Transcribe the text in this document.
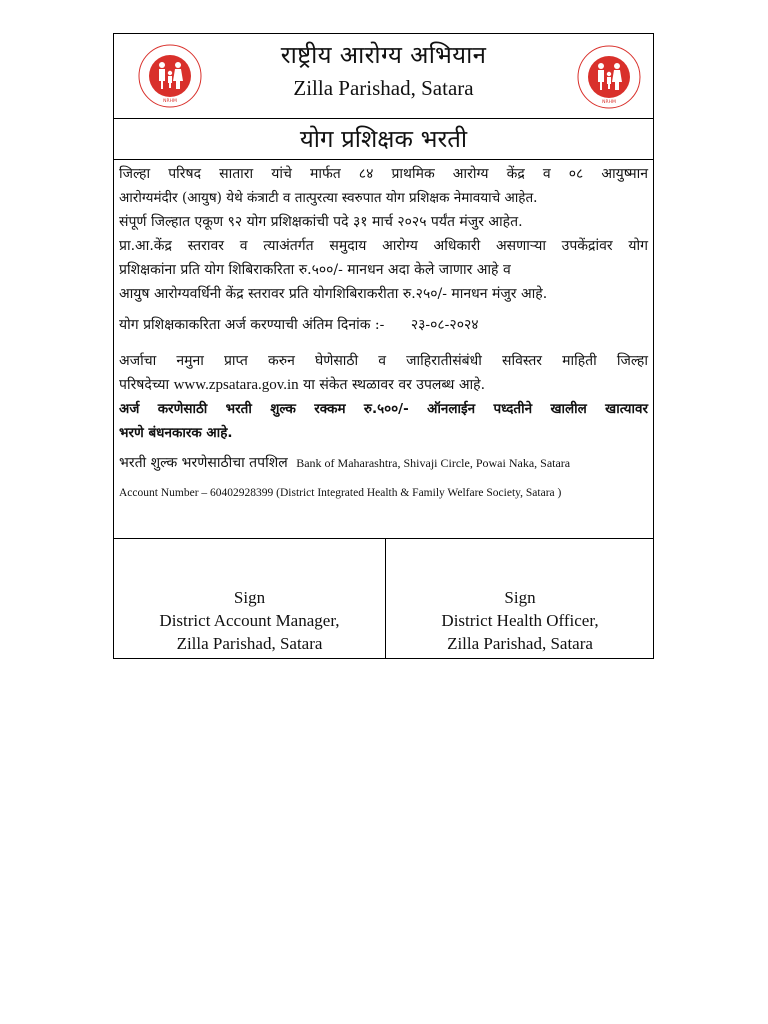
NRHM	NRHM
राष्ट्रीय आरोग्य अभियान
Zilla Parishad, Satara
योग प्रशिक्षक भरती

जिल्हा परिषद सातारा यांचे मार्फत ८४ प्राथमिक आरोग्य केंद्र व ०८ आयुष्मान

आरोग्यमंदीर (आयुष) येथे कंत्राटी व तात्पुरत्या स्वरुपात योग प्रशिक्षक नेमावयाचे आहेत.

संपूर्ण जिल्हात एकूण ९२ योग प्रशिक्षकांची पदे ३१ मार्च २०२५ पर्यंत मंजुर आहेत.

प्रा.आ.केंद्र स्तरावर व त्याअंतर्गत समुदाय आरोग्य अधिकारी असणाऱ्या उपकेंद्रांवर योग

प्रशिक्षकांना प्रति योग शिबिराकरिता रु.५००/- मानधन अदा केले जाणार आहे व

आयुष आरोग्यवर्धिनी केंद्र स्तरावर प्रति योगशिबिराकरीता रु.२५०/- मानधन मंजुर आहे.

योग प्रशिक्षकाकरिता अर्ज करण्याची अंतिम दिनांक :- २३-०८-२०२४

अर्जाचा नमुना प्राप्त करुन घेणेसाठी व जाहिरातीसंबंधी सविस्तर माहिती जिल्हा

परिषदेच्या www.zpsatara.gov.in या संकेत स्थळावर वर उपलब्ध आहे.

अर्ज करणेसाठी भरती शुल्क रक्कम रु.५००/- ऑनलाईन पध्दतीने खालील खात्यावर

भरणे बंधनकारक आहे.

भरती शुल्क भरणेसाठीचा तपशिल Bank of Maharashtra, Shivaji Circle, Powai Naka, Satara

Account Number – 60402928399 (District Integrated Health & Family Welfare Society, Satara )

Sign
District Account Manager,
Zilla Parishad, Satara
Sign
District Health Officer,
Zilla Parishad, Satara
